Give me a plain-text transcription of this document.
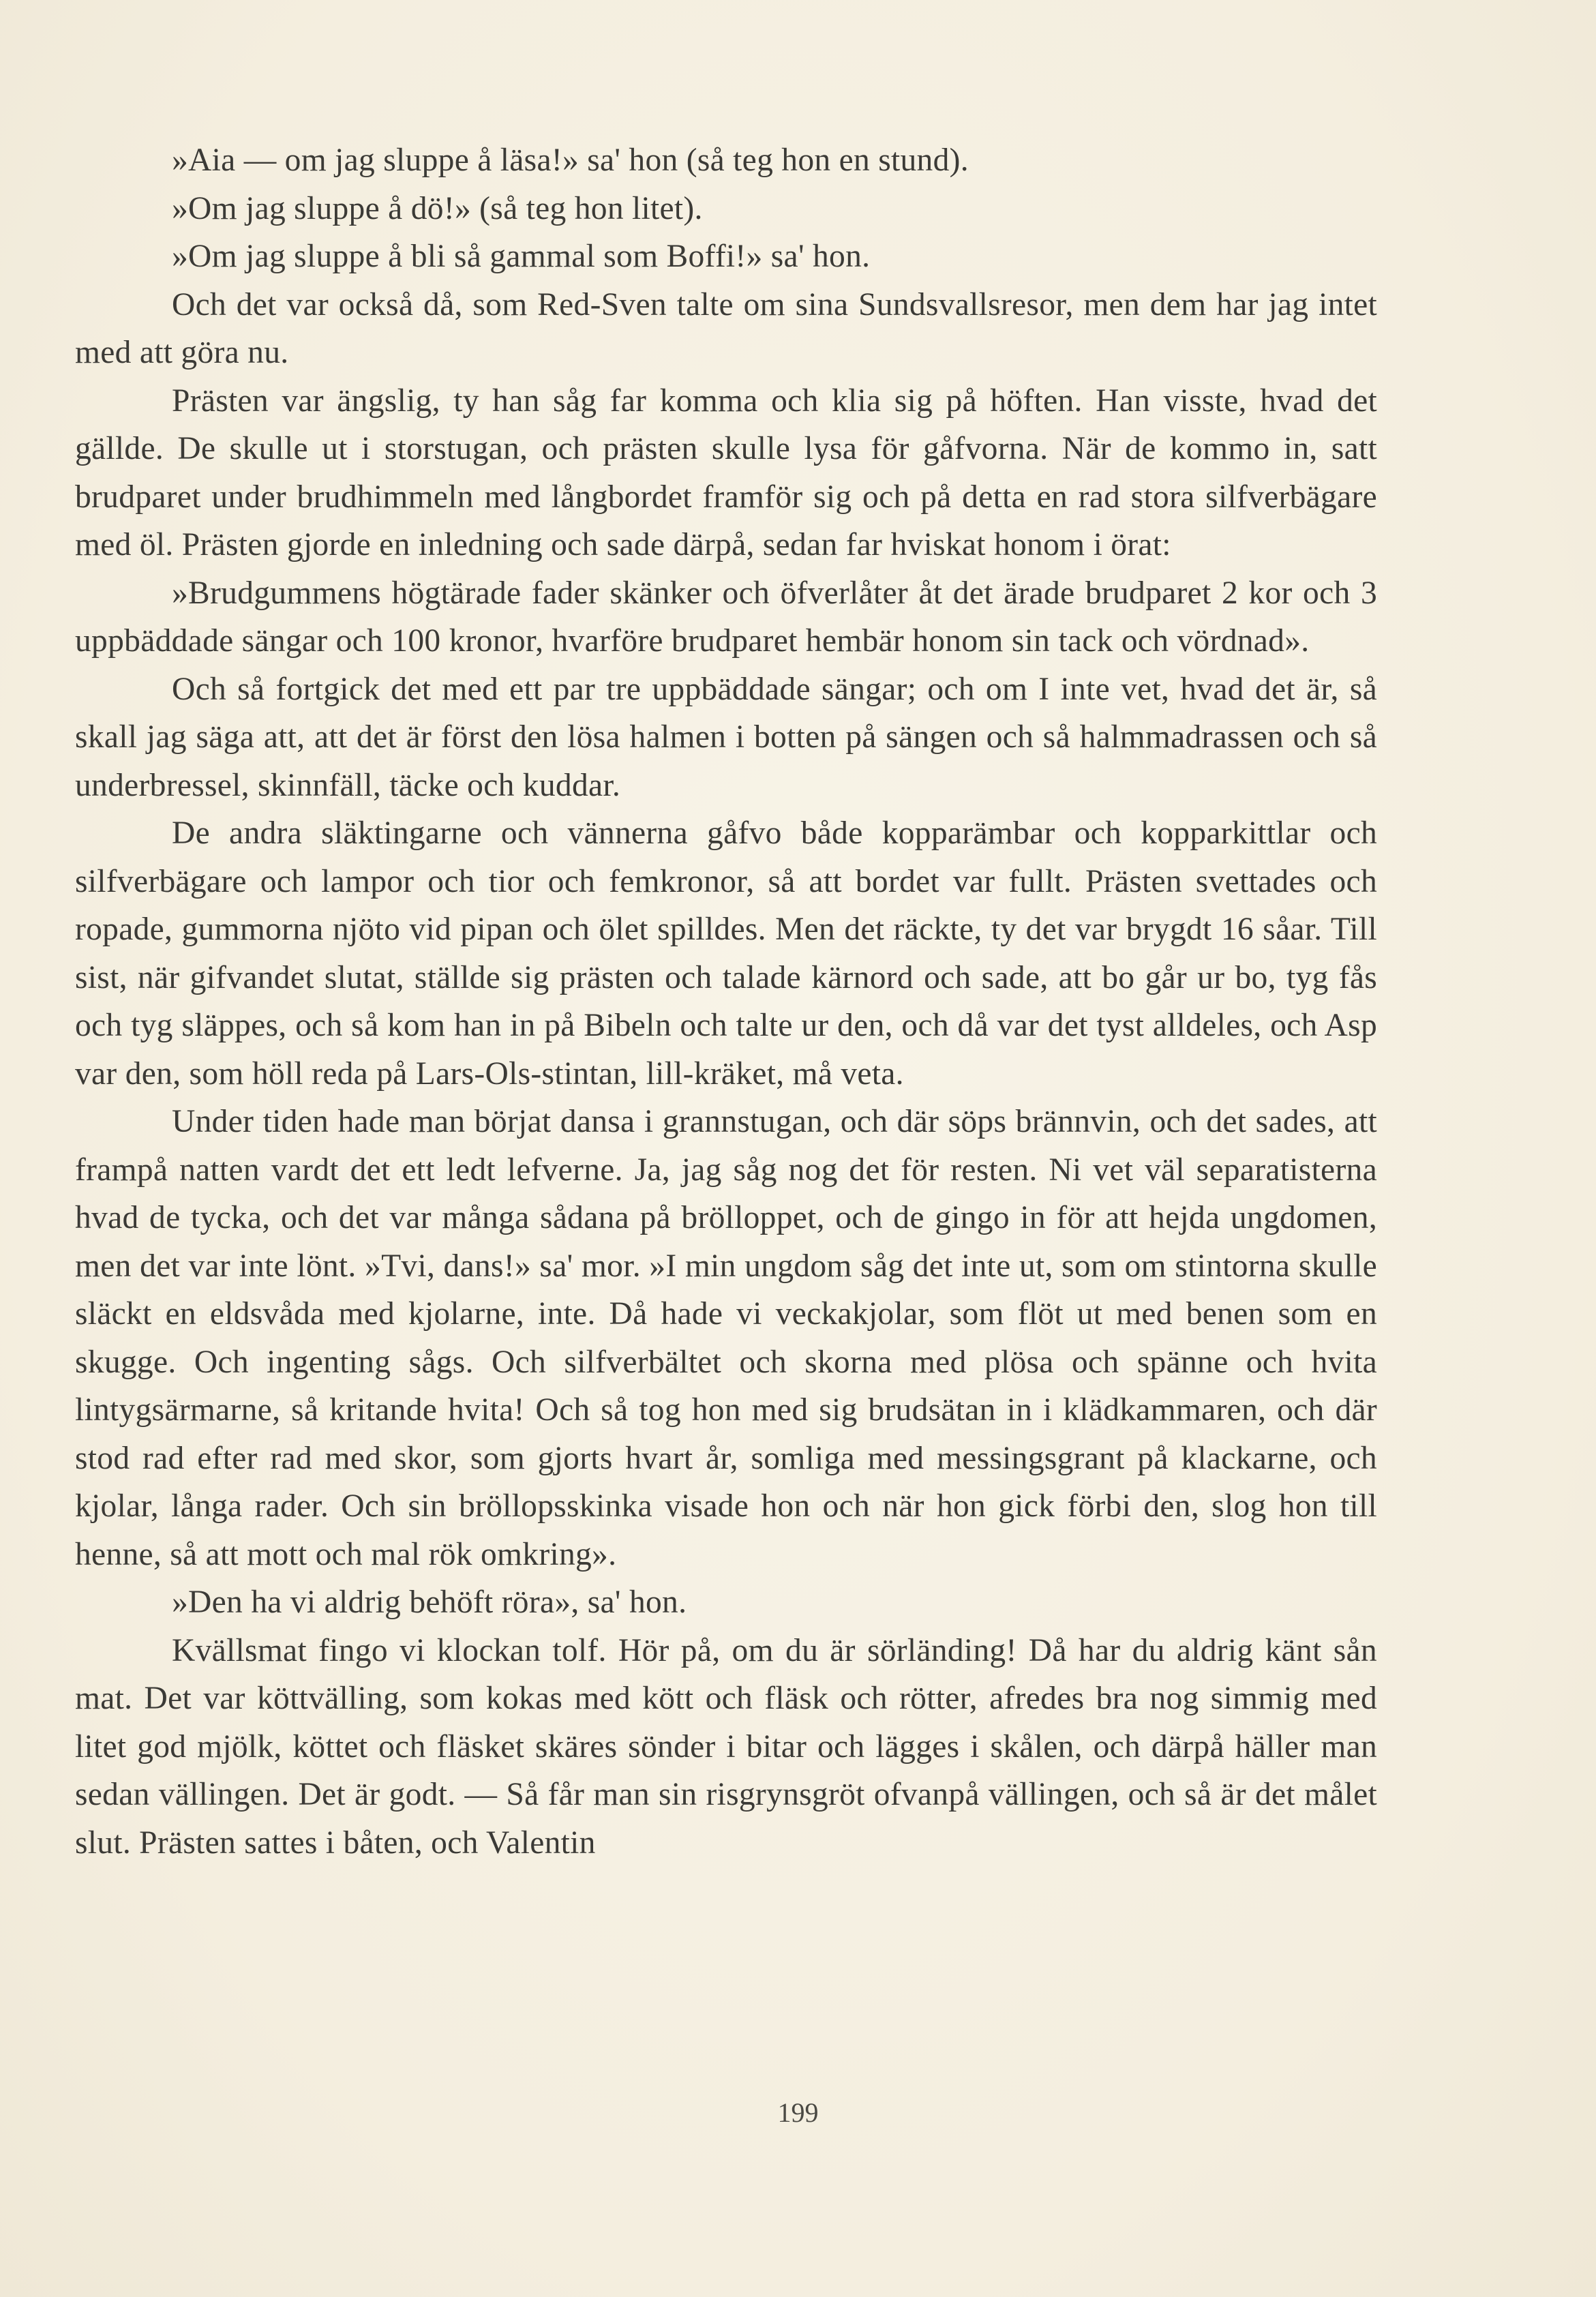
»Aia — om jag sluppe å läsa!» sa' hon (så teg hon en stund).

»Om jag sluppe å dö!» (så teg hon litet).

»Om jag sluppe å bli så gammal som Boffi!» sa' hon.

Och det var också då, som Red-Sven talte om sina Sundsvallsresor, men dem har jag intet med att göra nu.

Prästen var ängslig, ty han såg far komma och klia sig på höften. Han visste, hvad det gällde. De skulle ut i storstugan, och prästen skulle lysa för gåfvorna. När de kommo in, satt brudparet under brudhimmeln med långbordet framför sig och på detta en rad stora silfverbägare med öl. Prästen gjorde en inledning och sade därpå, sedan far hviskat honom i örat:

»Brudgummens högtärade fader skänker och öfverlåter åt det ärade brudparet 2 kor och 3 uppbäddade sängar och 100 kronor, hvarföre brudparet hembär honom sin tack och vördnad».

Och så fortgick det med ett par tre uppbäddade sängar; och om I inte vet, hvad det är, så skall jag säga att, att det är först den lösa halmen i botten på sängen och så halmmadrassen och så underbressel, skinnfäll, täcke och kuddar.

De andra släktingarne och vännerna gåfvo både kopparämbar och kopparkittlar och silfverbägare och lampor och tior och femkronor, så att bordet var fullt. Prästen svettades och ropade, gummorna njöto vid pipan och ölet spilldes. Men det räckte, ty det var brygdt 16 såar. Till sist, när gifvandet slutat, ställde sig prästen och talade kärnord och sade, att bo går ur bo, tyg fås och tyg släppes, och så kom han in på Bibeln och talte ur den, och då var det tyst alldeles, och Asp var den, som höll reda på Lars-Ols-stintan, lill-kräket, må veta.

Under tiden hade man börjat dansa i grannstugan, och där söps brännvin, och det sades, att frampå natten vardt det ett ledt lefverne. Ja, jag såg nog det för resten. Ni vet väl separatisterna hvad de tycka, och det var många sådana på brölloppet, och de gingo in för att hejda ungdomen, men det var inte lönt. »Tvi, dans!» sa' mor. »I min ungdom såg det inte ut, som om stintorna skulle släckt en eldsvåda med kjolarne, inte. Då hade vi veckakjolar, som flöt ut med benen som en skugge. Och ingenting sågs. Och silfverbältet och skorna med plösa och spänne och hvita lintygsärmarne, så kritande hvita! Och så tog hon med sig brudsätan in i klädkammaren, och där stod rad efter rad med skor, som gjorts hvart år, somliga med messingsgrant på klackarne, och kjolar, långa rader. Och sin bröllopsskinka visade hon och när hon gick förbi den, slog hon till henne, så att mott och mal rök omkring».

»Den ha vi aldrig behöft röra», sa' hon.

Kvällsmat fingo vi klockan tolf. Hör på, om du är sörländing! Då har du aldrig känt sån mat. Det var köttvälling, som kokas med kött och fläsk och rötter, afredes bra nog simmig med litet god mjölk, köttet och fläsket skäres sönder i bitar och lägges i skålen, och därpå häller man sedan vällingen. Det är godt. — Så får man sin risgrynsgröt ofvanpå vällingen, och så är det målet slut. Prästen sattes i båten, och Valentin

199
